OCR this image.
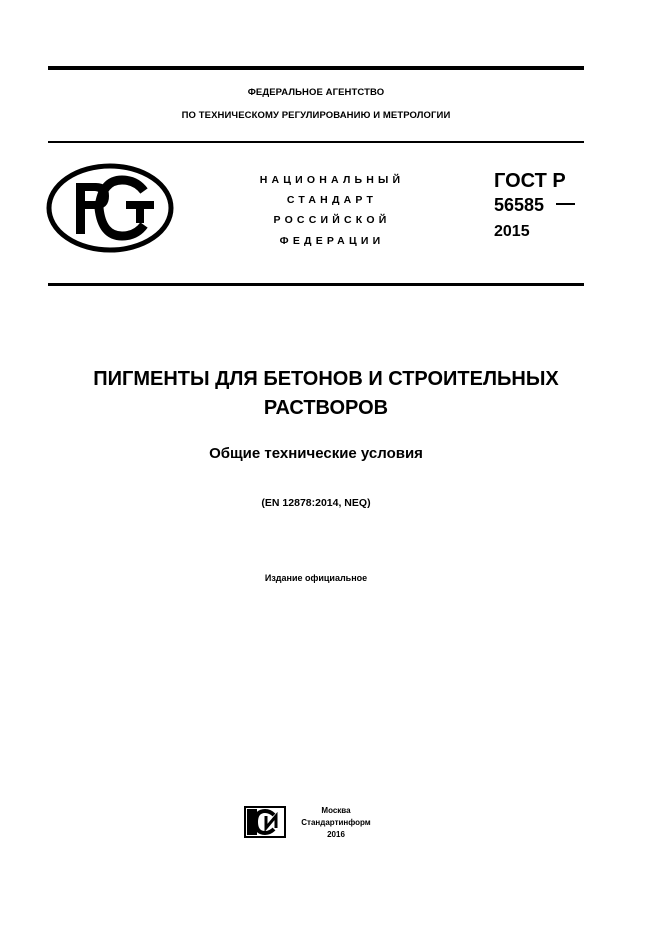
ФЕДЕРАЛЬНОЕ АГЕНТСТВО
ПО ТЕХНИЧЕСКОМУ РЕГУЛИРОВАНИЮ И МЕТРОЛОГИИ
НАЦИОНАЛЬНЫЙ
СТАНДАРТ
РОССИЙСКОЙ
ФЕДЕРАЦИИ
ГОСТ Р
56585
2015
ПИГМЕНТЫ ДЛЯ БЕТОНОВ И СТРОИТЕЛЬНЫХ РАСТВОРОВ
Общие технические условия
(EN 12878:2014, NEQ)
Издание официальное
Москва
Стандартинформ
2016
